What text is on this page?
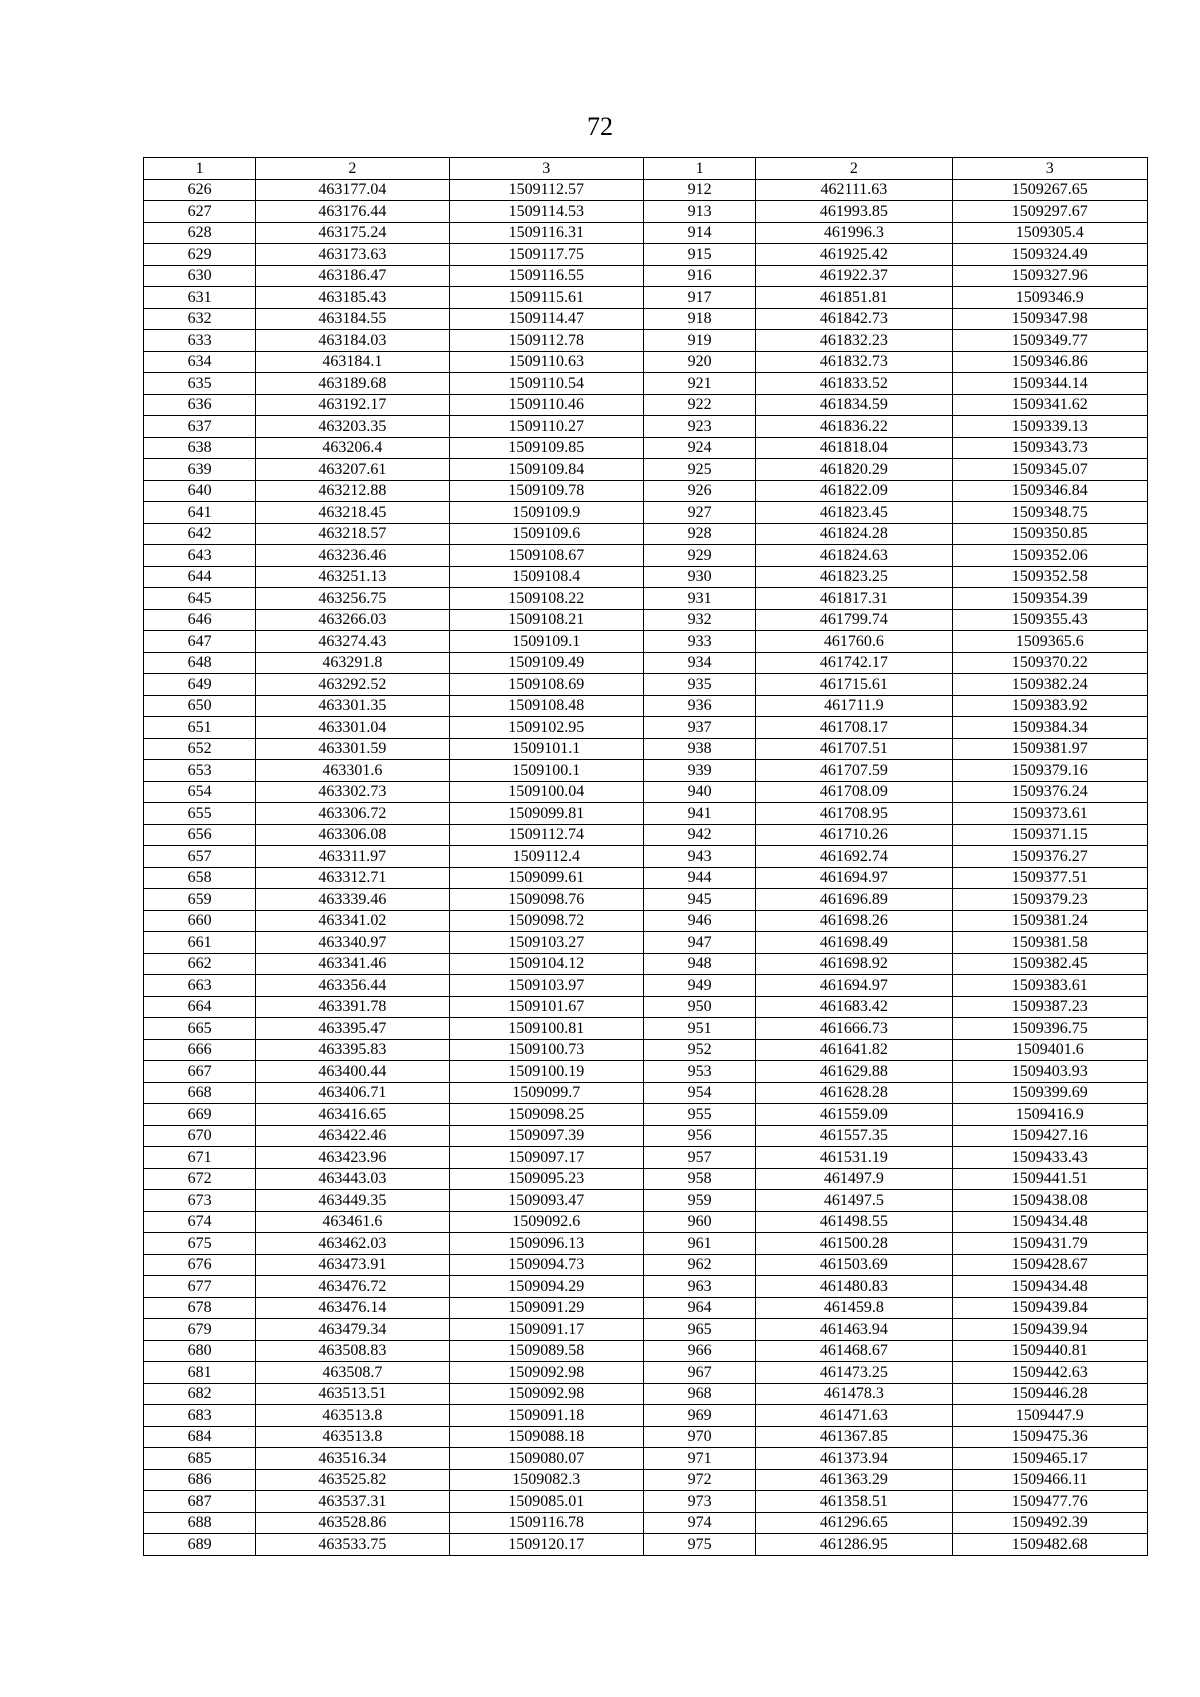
72
1	2	3	1	2	3
626	463177.04	1509112.57	912	462111.63	1509267.65
627	463176.44	1509114.53	913	461993.85	1509297.67
628	463175.24	1509116.31	914	461996.3	1509305.4
629	463173.63	1509117.75	915	461925.42	1509324.49
630	463186.47	1509116.55	916	461922.37	1509327.96
631	463185.43	1509115.61	917	461851.81	1509346.9
632	463184.55	1509114.47	918	461842.73	1509347.98
633	463184.03	1509112.78	919	461832.23	1509349.77
634	463184.1	1509110.63	920	461832.73	1509346.86
635	463189.68	1509110.54	921	461833.52	1509344.14
636	463192.17	1509110.46	922	461834.59	1509341.62
637	463203.35	1509110.27	923	461836.22	1509339.13
638	463206.4	1509109.85	924	461818.04	1509343.73
639	463207.61	1509109.84	925	461820.29	1509345.07
640	463212.88	1509109.78	926	461822.09	1509346.84
641	463218.45	1509109.9	927	461823.45	1509348.75
642	463218.57	1509109.6	928	461824.28	1509350.85
643	463236.46	1509108.67	929	461824.63	1509352.06
644	463251.13	1509108.4	930	461823.25	1509352.58
645	463256.75	1509108.22	931	461817.31	1509354.39
646	463266.03	1509108.21	932	461799.74	1509355.43
647	463274.43	1509109.1	933	461760.6	1509365.6
648	463291.8	1509109.49	934	461742.17	1509370.22
649	463292.52	1509108.69	935	461715.61	1509382.24
650	463301.35	1509108.48	936	461711.9	1509383.92
651	463301.04	1509102.95	937	461708.17	1509384.34
652	463301.59	1509101.1	938	461707.51	1509381.97
653	463301.6	1509100.1	939	461707.59	1509379.16
654	463302.73	1509100.04	940	461708.09	1509376.24
655	463306.72	1509099.81	941	461708.95	1509373.61
656	463306.08	1509112.74	942	461710.26	1509371.15
657	463311.97	1509112.4	943	461692.74	1509376.27
658	463312.71	1509099.61	944	461694.97	1509377.51
659	463339.46	1509098.76	945	461696.89	1509379.23
660	463341.02	1509098.72	946	461698.26	1509381.24
661	463340.97	1509103.27	947	461698.49	1509381.58
662	463341.46	1509104.12	948	461698.92	1509382.45
663	463356.44	1509103.97	949	461694.97	1509383.61
664	463391.78	1509101.67	950	461683.42	1509387.23
665	463395.47	1509100.81	951	461666.73	1509396.75
666	463395.83	1509100.73	952	461641.82	1509401.6
667	463400.44	1509100.19	953	461629.88	1509403.93
668	463406.71	1509099.7	954	461628.28	1509399.69
669	463416.65	1509098.25	955	461559.09	1509416.9
670	463422.46	1509097.39	956	461557.35	1509427.16
671	463423.96	1509097.17	957	461531.19	1509433.43
672	463443.03	1509095.23	958	461497.9	1509441.51
673	463449.35	1509093.47	959	461497.5	1509438.08
674	463461.6	1509092.6	960	461498.55	1509434.48
675	463462.03	1509096.13	961	461500.28	1509431.79
676	463473.91	1509094.73	962	461503.69	1509428.67
677	463476.72	1509094.29	963	461480.83	1509434.48
678	463476.14	1509091.29	964	461459.8	1509439.84
679	463479.34	1509091.17	965	461463.94	1509439.94
680	463508.83	1509089.58	966	461468.67	1509440.81
681	463508.7	1509092.98	967	461473.25	1509442.63
682	463513.51	1509092.98	968	461478.3	1509446.28
683	463513.8	1509091.18	969	461471.63	1509447.9
684	463513.8	1509088.18	970	461367.85	1509475.36
685	463516.34	1509080.07	971	461373.94	1509465.17
686	463525.82	1509082.3	972	461363.29	1509466.11
687	463537.31	1509085.01	973	461358.51	1509477.76
688	463528.86	1509116.78	974	461296.65	1509492.39
689	463533.75	1509120.17	975	461286.95	1509482.68
